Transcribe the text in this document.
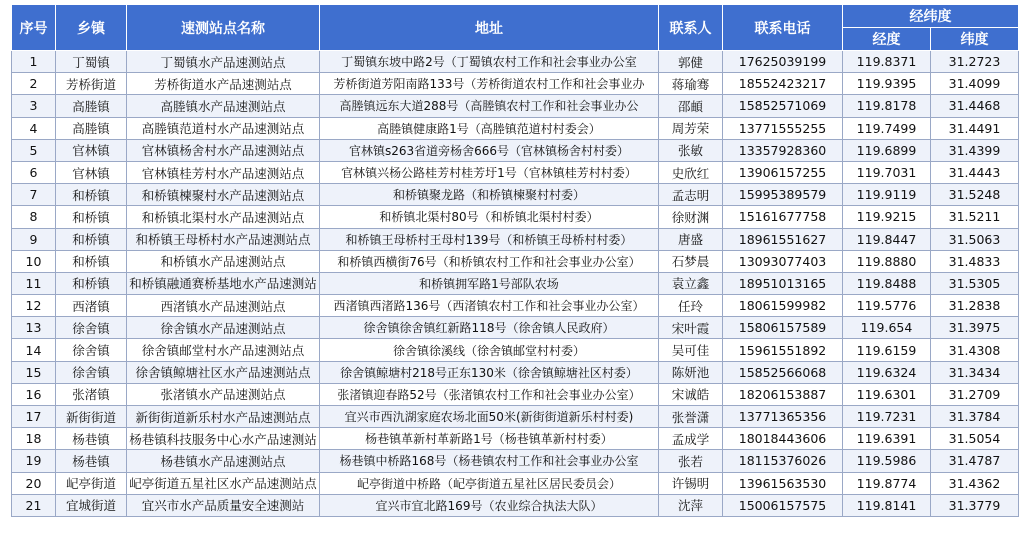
序号	乡镇	速测站点名称	地址	联系人	联系电话	经纬度	
						经度	纬度
1	丁蜀镇	丁蜀镇水产品速测站点	丁蜀镇东坡中路2号（丁蜀镇农村工作和社会事业办公室	郭健	17625039199	119.8371	31.2723
2	芳桥街道	芳桥街道水产品速测站点	芳桥街道芳阳南路133号（芳桥街道农村工作和社会事业办	蒋瑜骞	18552423217	119.9395	31.4099
3	高塍镇	高塍镇水产品速测站点	高塍镇远东大道288号（高塍镇农村工作和社会事业办公	邵頔	15852571069	119.8178	31.4468
4	高塍镇	高塍镇范道村水产品速测站点	高塍镇健康路1号（高塍镇范道村村委会）	周芳荣	13771555255	119.7499	31.4491
5	官林镇	官林镇杨舍村水产品速测站点	官林镇s263省道旁杨舍666号（官林镇杨舍村村委）	张敏	13357928360	119.6899	31.4399
6	官林镇	官林镇桂芳村水产品速测站点	官林镇兴杨公路桂芳村桂芳圩1号（官林镇桂芳村村委）	史欣红	13906157255	119.7031	31.4443
7	和桥镇	和桥镇楝聚村水产品速测站点	和桥镇聚龙路（和桥镇楝聚村村委）	孟志明	15995389579	119.9119	31.5248
8	和桥镇	和桥镇北渠村水产品速测站点	和桥镇北渠村80号（和桥镇北渠村村委）	徐财渊	15161677758	119.9215	31.5211
9	和桥镇	和桥镇王母桥村水产品速测站点	和桥镇王母桥村王母村139号（和桥镇王母桥村村委）	唐盛	18961551627	119.8447	31.5063
10	和桥镇	和桥镇水产品速测站点	和桥镇西横街76号（和桥镇农村工作和社会事业办公室）	石梦晨	13093077403	119.8880	31.4833
11	和桥镇	和桥镇融通赛桥基地水产品速测站	和桥镇拥军路1号部队农场	袁立鑫	18951013165	119.8488	31.5305
12	西渚镇	西渚镇水产品速测站点	西渚镇西渚路136号（西渚镇农村工作和社会事业办公室）	任玲	18061599982	119.5776	31.2838
13	徐舍镇	徐舍镇水产品速测站点	徐舍镇徐舍镇红新路118号（徐舍镇人民政府）	宋叶霞	15806157589	119.654	31.3975
14	徐舍镇	徐舍镇邮堂村水产品速测站点	徐舍镇徐溪线（徐舍镇邮堂村村委）	吴可佳	15961551892	119.6159	31.4308
15	徐舍镇	徐舍镇鲸塘社区水产品速测站点	徐舍镇鲸塘村218号正东130米（徐舍镇鲸塘社区村委）	陈妍池	15852566068	119.6324	31.3434
16	张渚镇	张渚镇水产品速测站点	张渚镇迎春路52号（张渚镇农村工作和社会事业办公室）	宋诚皓	18206153887	119.6301	31.2709
17	新街街道	新街街道新乐村水产品速测站点	宜兴市西氿湖家庭农场北面50米(新街街道新乐村村委)	张誉潇	13771365356	119.7231	31.3784
18	杨巷镇	杨巷镇科技服务中心水产品速测站	杨巷镇革新村革新路1号（杨巷镇革新村村委）	孟成学	18018443606	119.6391	31.5054
19	杨巷镇	杨巷镇水产品速测站点	杨巷镇中桥路168号（杨巷镇农村工作和社会事业办公室	张若	18115376026	119.5986	31.4787
20	屺亭街道	屺亭街道五星社区水产品速测站点	屺亭街道中桥路（屺亭街道五星社区居民委员会）	许锡明	13961563530	119.8774	31.4362
21	宜城街道	宜兴市水产品质量安全速测站	宜兴市宜北路169号（农业综合执法大队）	沈萍	15006157575	119.8141	31.3779
